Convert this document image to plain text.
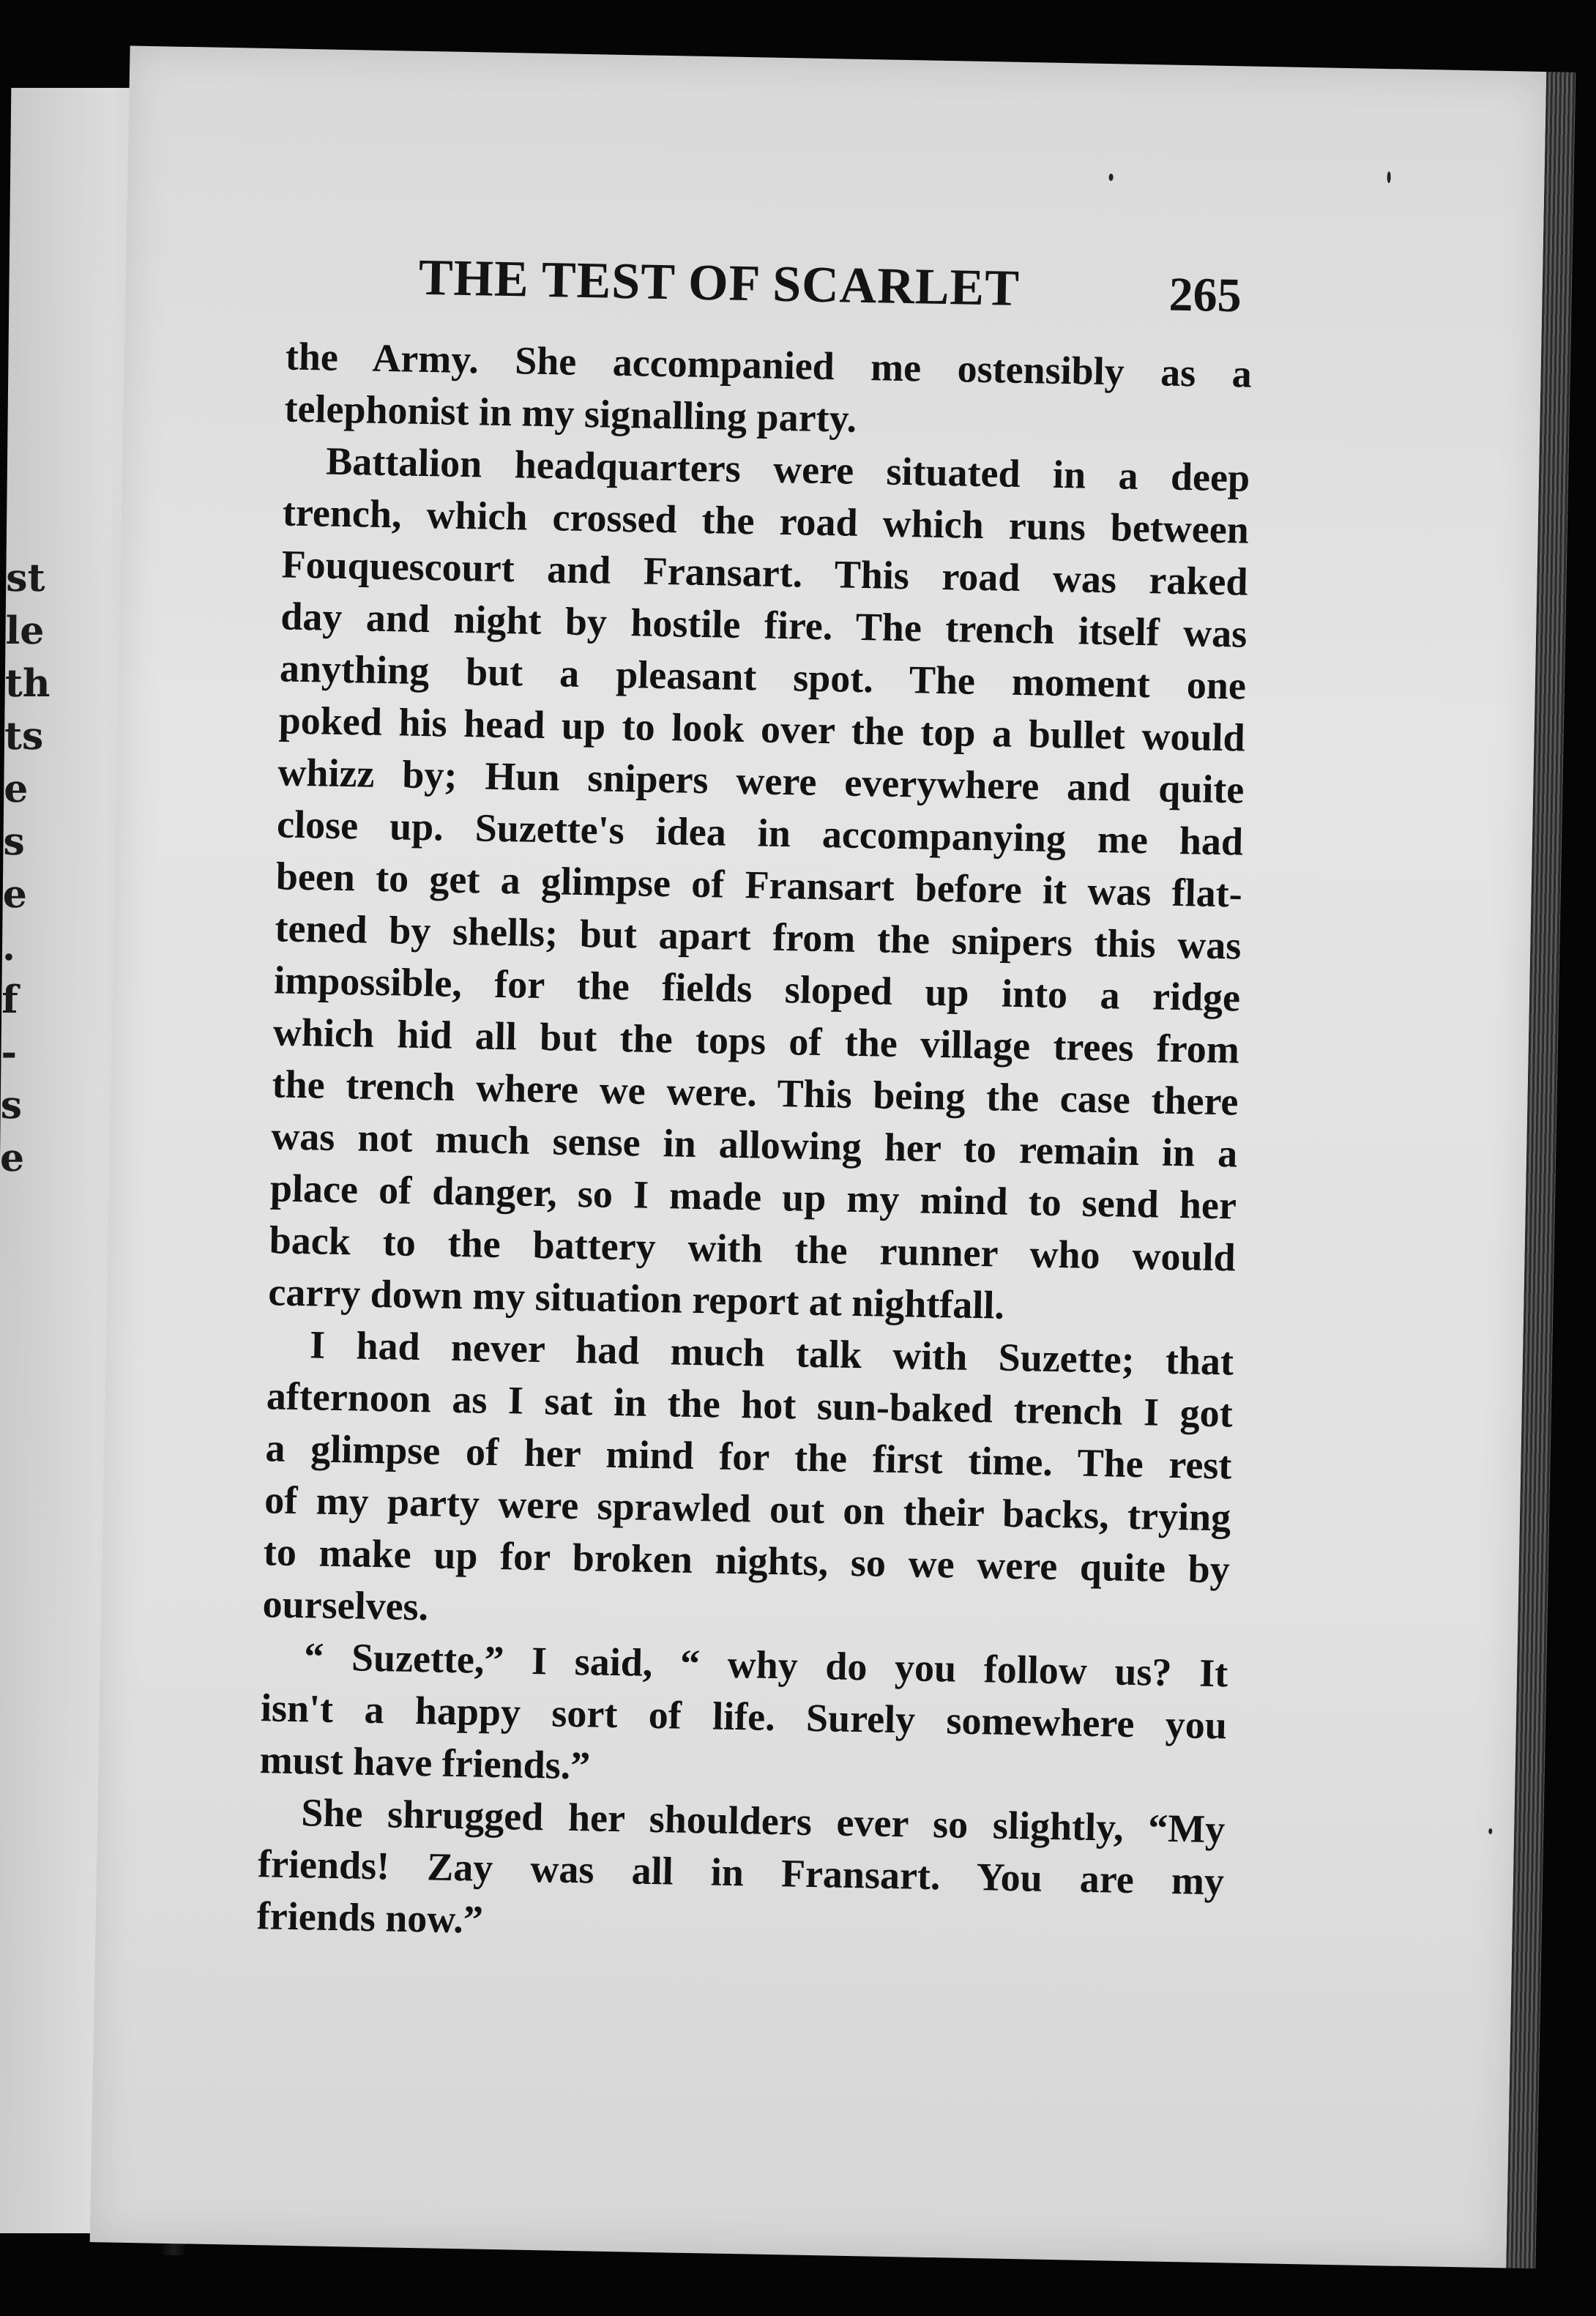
st
le
th
ts
e
s
e
.
f
-
s
e
THE TEST OF SCARLET	265
the Army. She accompanied me ostensibly as a
telephonist in my signalling party.
Battalion headquarters were situated in a deep
trench, which crossed the road which runs between
Fouquescourt and Fransart. This road was raked
day and night by hostile fire. The trench itself was
anything but a pleasant spot. The moment one
poked his head up to look over the top a bullet would
whizz by; Hun snipers were everywhere and quite
close up. Suzette's idea in accompanying me had
been to get a glimpse of Fransart before it was flat-
tened by shells; but apart from the snipers this was
impossible, for the fields sloped up into a ridge
which hid all but the tops of the village trees from
the trench where we were. This being the case there
was not much sense in allowing her to remain in a
place of danger, so I made up my mind to send her
back to the battery with the runner who would
carry down my situation report at nightfall.
I had never had much talk with Suzette; that
afternoon as I sat in the hot sun-baked trench I got
a glimpse of her mind for the first time. The rest
of my party were sprawled out on their backs, trying
to make up for broken nights, so we were quite by
ourselves.
“ Suzette,” I said, “ why do you follow us? It
isn't a happy sort of life. Surely somewhere you
must have friends.”
She shrugged her shoulders ever so slightly, “My
friends! Zay was all in Fransart. You are my
friends now.”
